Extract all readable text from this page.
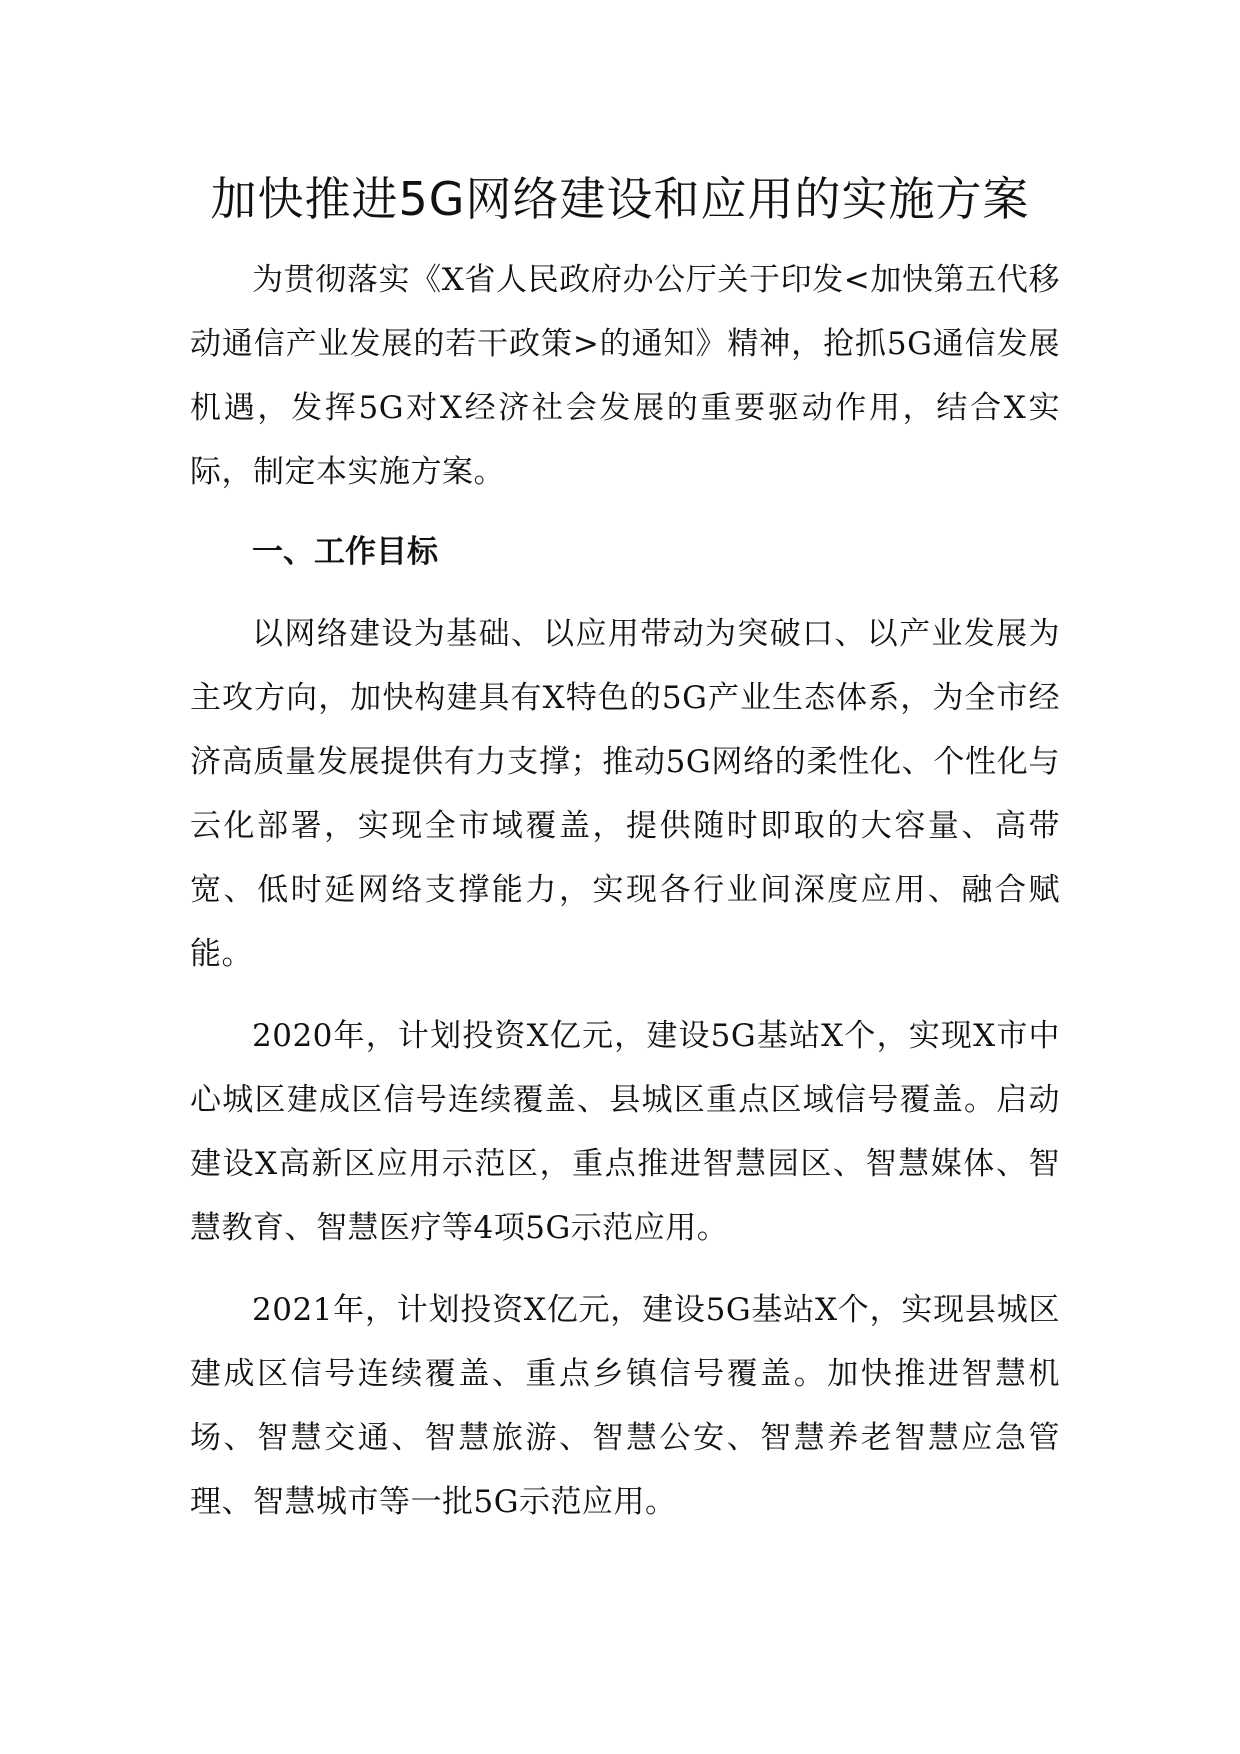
加快推进5G网络建设和应用的实施方案

为贯彻落实《X省人民政府办公厅关于印发<加快第五代移动通信产业发展的若干政策>的通知》精神，抢抓5G通信发展机遇，发挥5G对X经济社会发展的重要驱动作用，结合X实际，制定本实施方案。

一、工作目标

以网络建设为基础、以应用带动为突破口、以产业发展为主攻方向，加快构建具有X特色的5G产业生态体系，为全市经济高质量发展提供有力支撑；推动5G网络的柔性化、个性化与云化部署，实现全市域覆盖，提供随时即取的大容量、高带宽、低时延网络支撑能力，实现各行业间深度应用、融合赋能。

2020年，计划投资X亿元，建设5G基站X个，实现X市中心城区建成区信号连续覆盖、县城区重点区域信号覆盖。启动建设X高新区应用示范区，重点推进智慧园区、智慧媒体、智慧教育、智慧医疗等4项5G示范应用。

2021年，计划投资X亿元，建设5G基站X个，实现县城区建成区信号连续覆盖、重点乡镇信号覆盖。加快推进智慧机场、智慧交通、智慧旅游、智慧公安、智慧养老智慧应急管理、智慧城市等一批5G示范应用。
